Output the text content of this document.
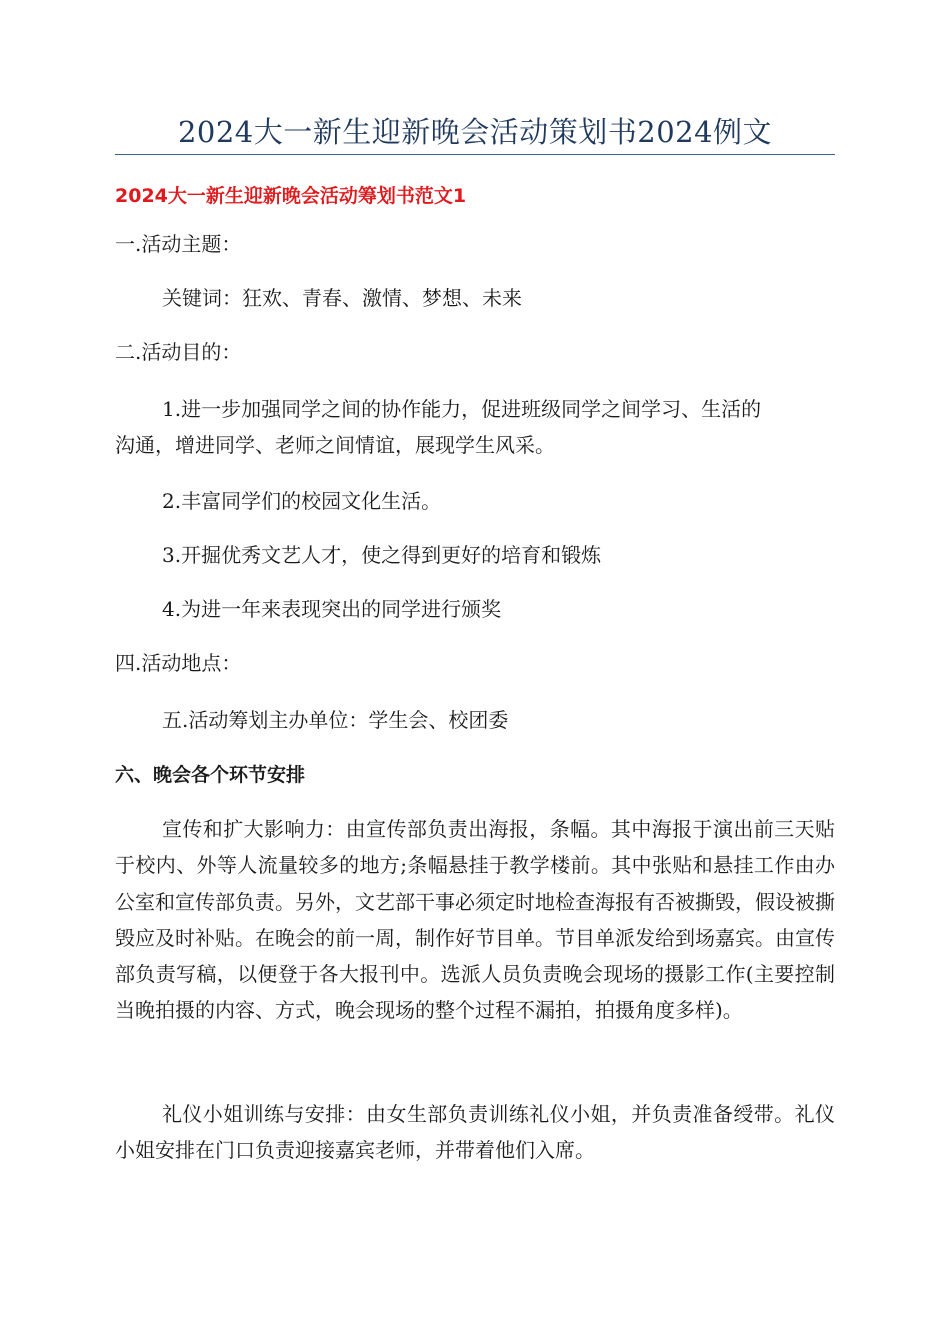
2024大一新生迎新晚会活动策划书2024例文
2024大一新生迎新晚会活动筹划书范文1
一.活动主题：
关键词：狂欢、青春、激情、梦想、未来
二.活动目的：
1.进一步加强同学之间的协作能力，促进班级同学之间学习、生活的
沟通，增进同学、老师之间情谊，展现学生风采。
2.丰富同学们的校园文化生活。
3.开掘优秀文艺人才，使之得到更好的培育和锻炼
4.为进一年来表现突出的同学进行颁奖
四.活动地点：
五.活动筹划主办单位：学生会、校团委
六、晚会各个环节安排

宣传和扩大影响力：由宣传部负责出海报，条幅。其中海报于演出前三天贴于校内、外等人流量较多的地方;条幅悬挂于教学楼前。其中张贴和悬挂工作由办公室和宣传部负责。另外，文艺部干事必须定时地检查海报有否被撕毁，假设被撕毁应及时补贴。在晚会的前一周，制作好节目单。节目单派发给到场嘉宾。由宣传部负责写稿，以便登于各大报刊中。选派人员负责晚会现场的摄影工作(主要控制当晚拍摄的内容、方式，晚会现场的整个过程不漏拍，拍摄角度多样)。

礼仪小姐训练与安排：由女生部负责训练礼仪小姐，并负责准备绶带。礼仪小姐安排在门口负责迎接嘉宾老师，并带着他们入席。
